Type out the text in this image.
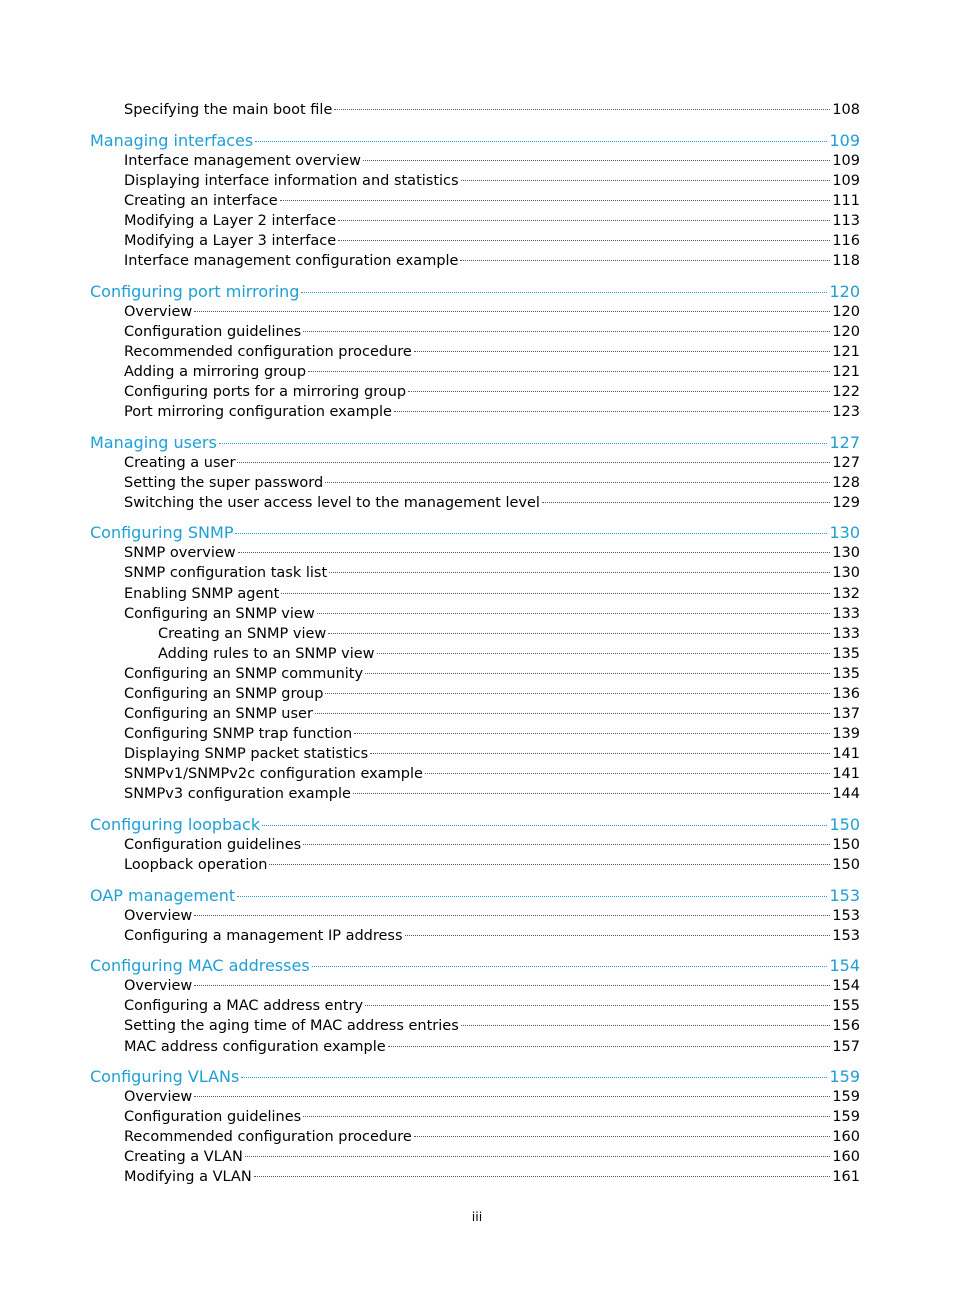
Specifying the main boot file	108
Managing interfaces	109
Interface management overview	109
Displaying interface information and statistics	109
Creating an interface	111
Modifying a Layer 2 interface	113
Modifying a Layer 3 interface	116
Interface management configuration example	118
Configuring port mirroring	120
Overview	120
Configuration guidelines	120
Recommended configuration procedure	121
Adding a mirroring group	121
Configuring ports for a mirroring group	122
Port mirroring configuration example	123
Managing users	127
Creating a user	127
Setting the super password	128
Switching the user access level to the management level	129
Configuring SNMP	130
SNMP overview	130
SNMP configuration task list	130
Enabling SNMP agent	132
Configuring an SNMP view	133
Creating an SNMP view	133
Adding rules to an SNMP view	135
Configuring an SNMP community	135
Configuring an SNMP group	136
Configuring an SNMP user	137
Configuring SNMP trap function	139
Displaying SNMP packet statistics	141
SNMPv1/SNMPv2c configuration example	141
SNMPv3 configuration example	144
Configuring loopback	150
Configuration guidelines	150
Loopback operation	150
OAP management	153
Overview	153
Configuring a management IP address	153
Configuring MAC addresses	154
Overview	154
Configuring a MAC address entry	155
Setting the aging time of MAC address entries	156
MAC address configuration example	157
Configuring VLANs	159
Overview	159
Configuration guidelines	159
Recommended configuration procedure	160
Creating a VLAN	160
Modifying a VLAN	161
iii
